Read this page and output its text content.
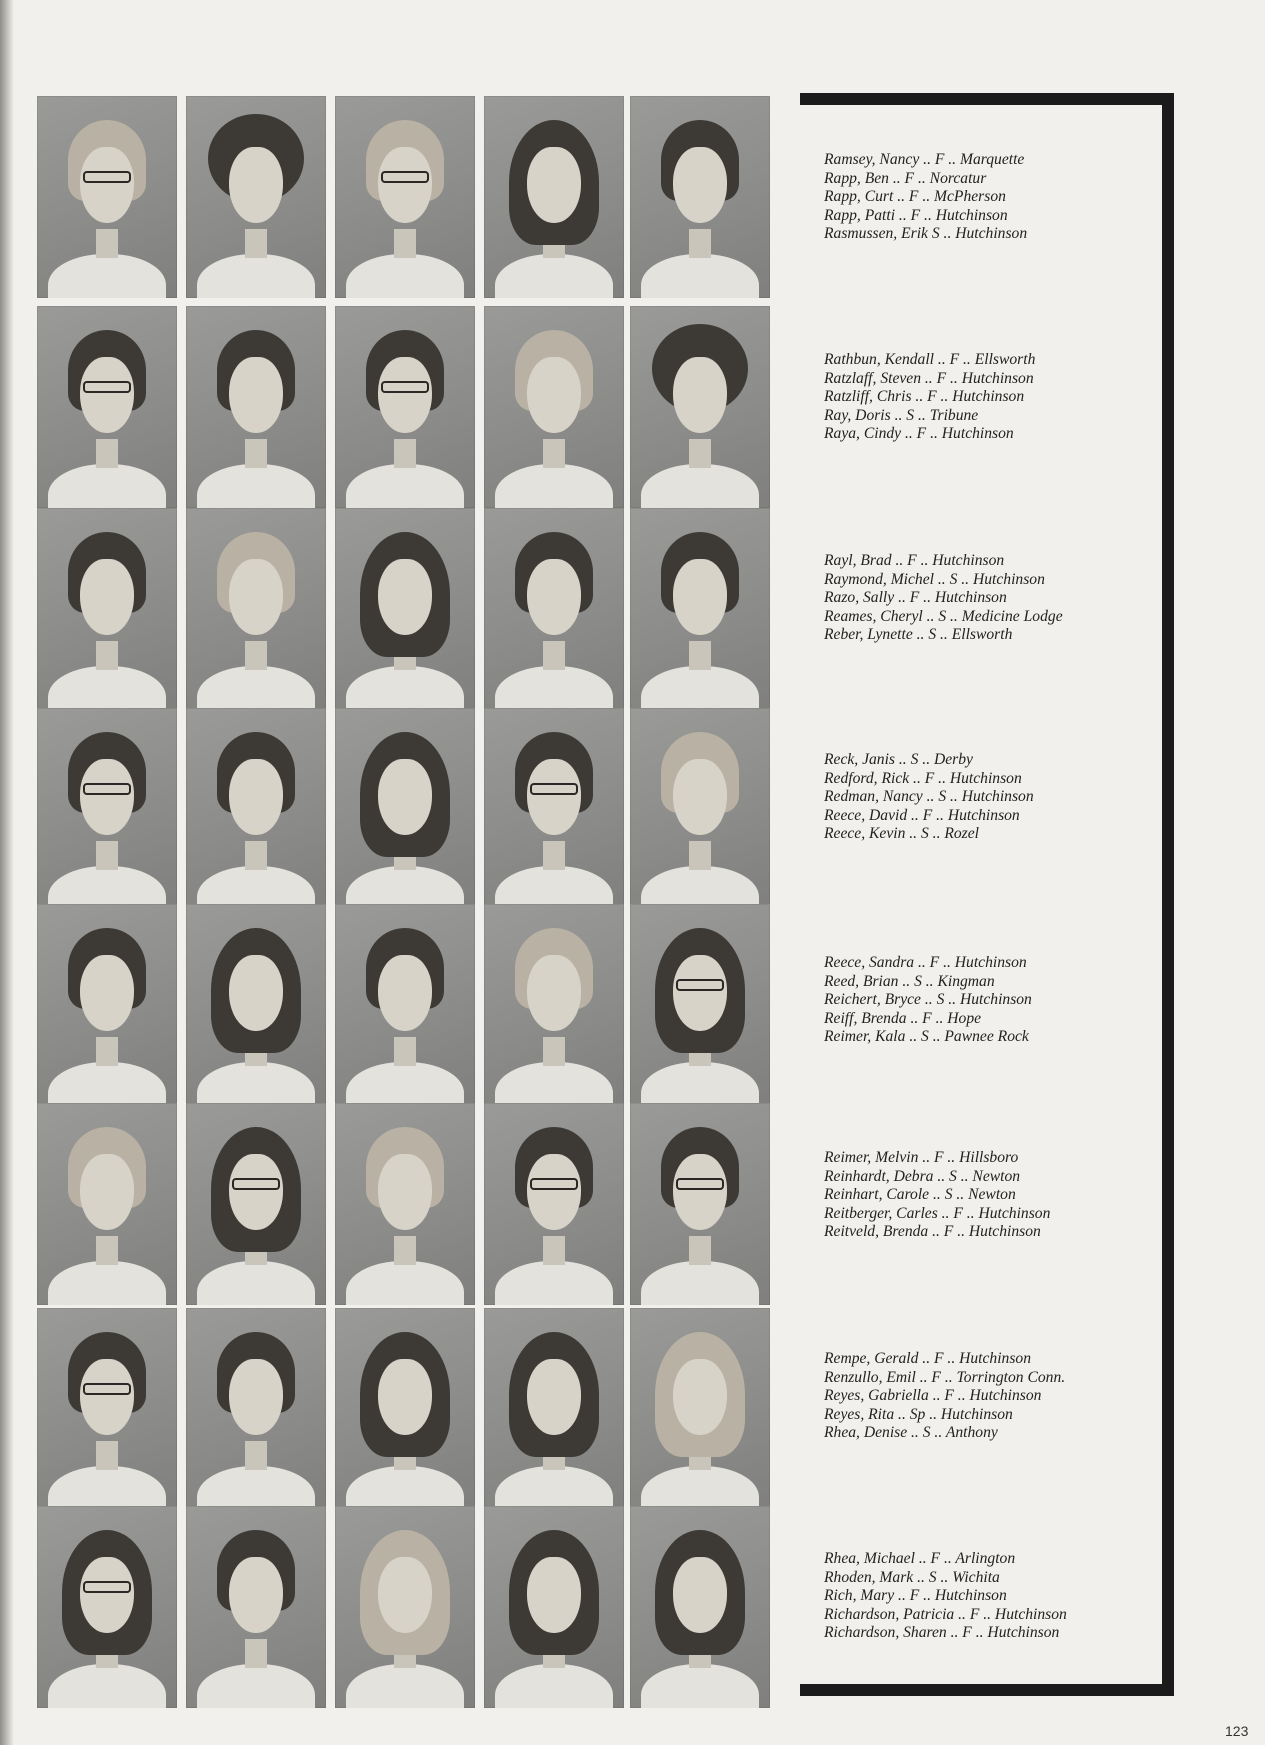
Ramsey, Nancy .. F .. Marquette
Rapp, Ben .. F .. Norcatur
Rapp, Curt .. F .. McPherson
Rapp, Patti .. F .. Hutchinson
Rasmussen, Erik S .. Hutchinson
Rathbun, Kendall .. F .. Ellsworth
Ratzlaff, Steven .. F .. Hutchinson
Ratzliff, Chris .. F .. Hutchinson
Ray, Doris .. S .. Tribune
Raya, Cindy .. F .. Hutchinson
Rayl, Brad .. F .. Hutchinson
Raymond, Michel .. S .. Hutchinson
Razo, Sally .. F .. Hutchinson
Reames, Cheryl .. S .. Medicine Lodge
Reber, Lynette .. S .. Ellsworth
Reck, Janis .. S .. Derby
Redford, Rick .. F .. Hutchinson
Redman, Nancy .. S .. Hutchinson
Reece, David .. F .. Hutchinson
Reece, Kevin .. S .. Rozel
Reece, Sandra .. F .. Hutchinson
Reed, Brian .. S .. Kingman
Reichert, Bryce .. S .. Hutchinson
Reiff, Brenda .. F .. Hope
Reimer, Kala .. S .. Pawnee Rock
Reimer, Melvin .. F .. Hillsboro
Reinhardt, Debra .. S .. Newton
Reinhart, Carole .. S .. Newton
Reitberger, Carles .. F .. Hutchinson
Reitveld, Brenda .. F .. Hutchinson
Rempe, Gerald .. F .. Hutchinson
Renzullo, Emil .. F .. Torrington Conn.
Reyes, Gabriella .. F .. Hutchinson
Reyes, Rita .. Sp .. Hutchinson
Rhea, Denise .. S .. Anthony
Rhea, Michael .. F .. Arlington
Rhoden, Mark .. S .. Wichita
Rich, Mary .. F .. Hutchinson
Richardson, Patricia .. F .. Hutchinson
Richardson, Sharen .. F .. Hutchinson
123
